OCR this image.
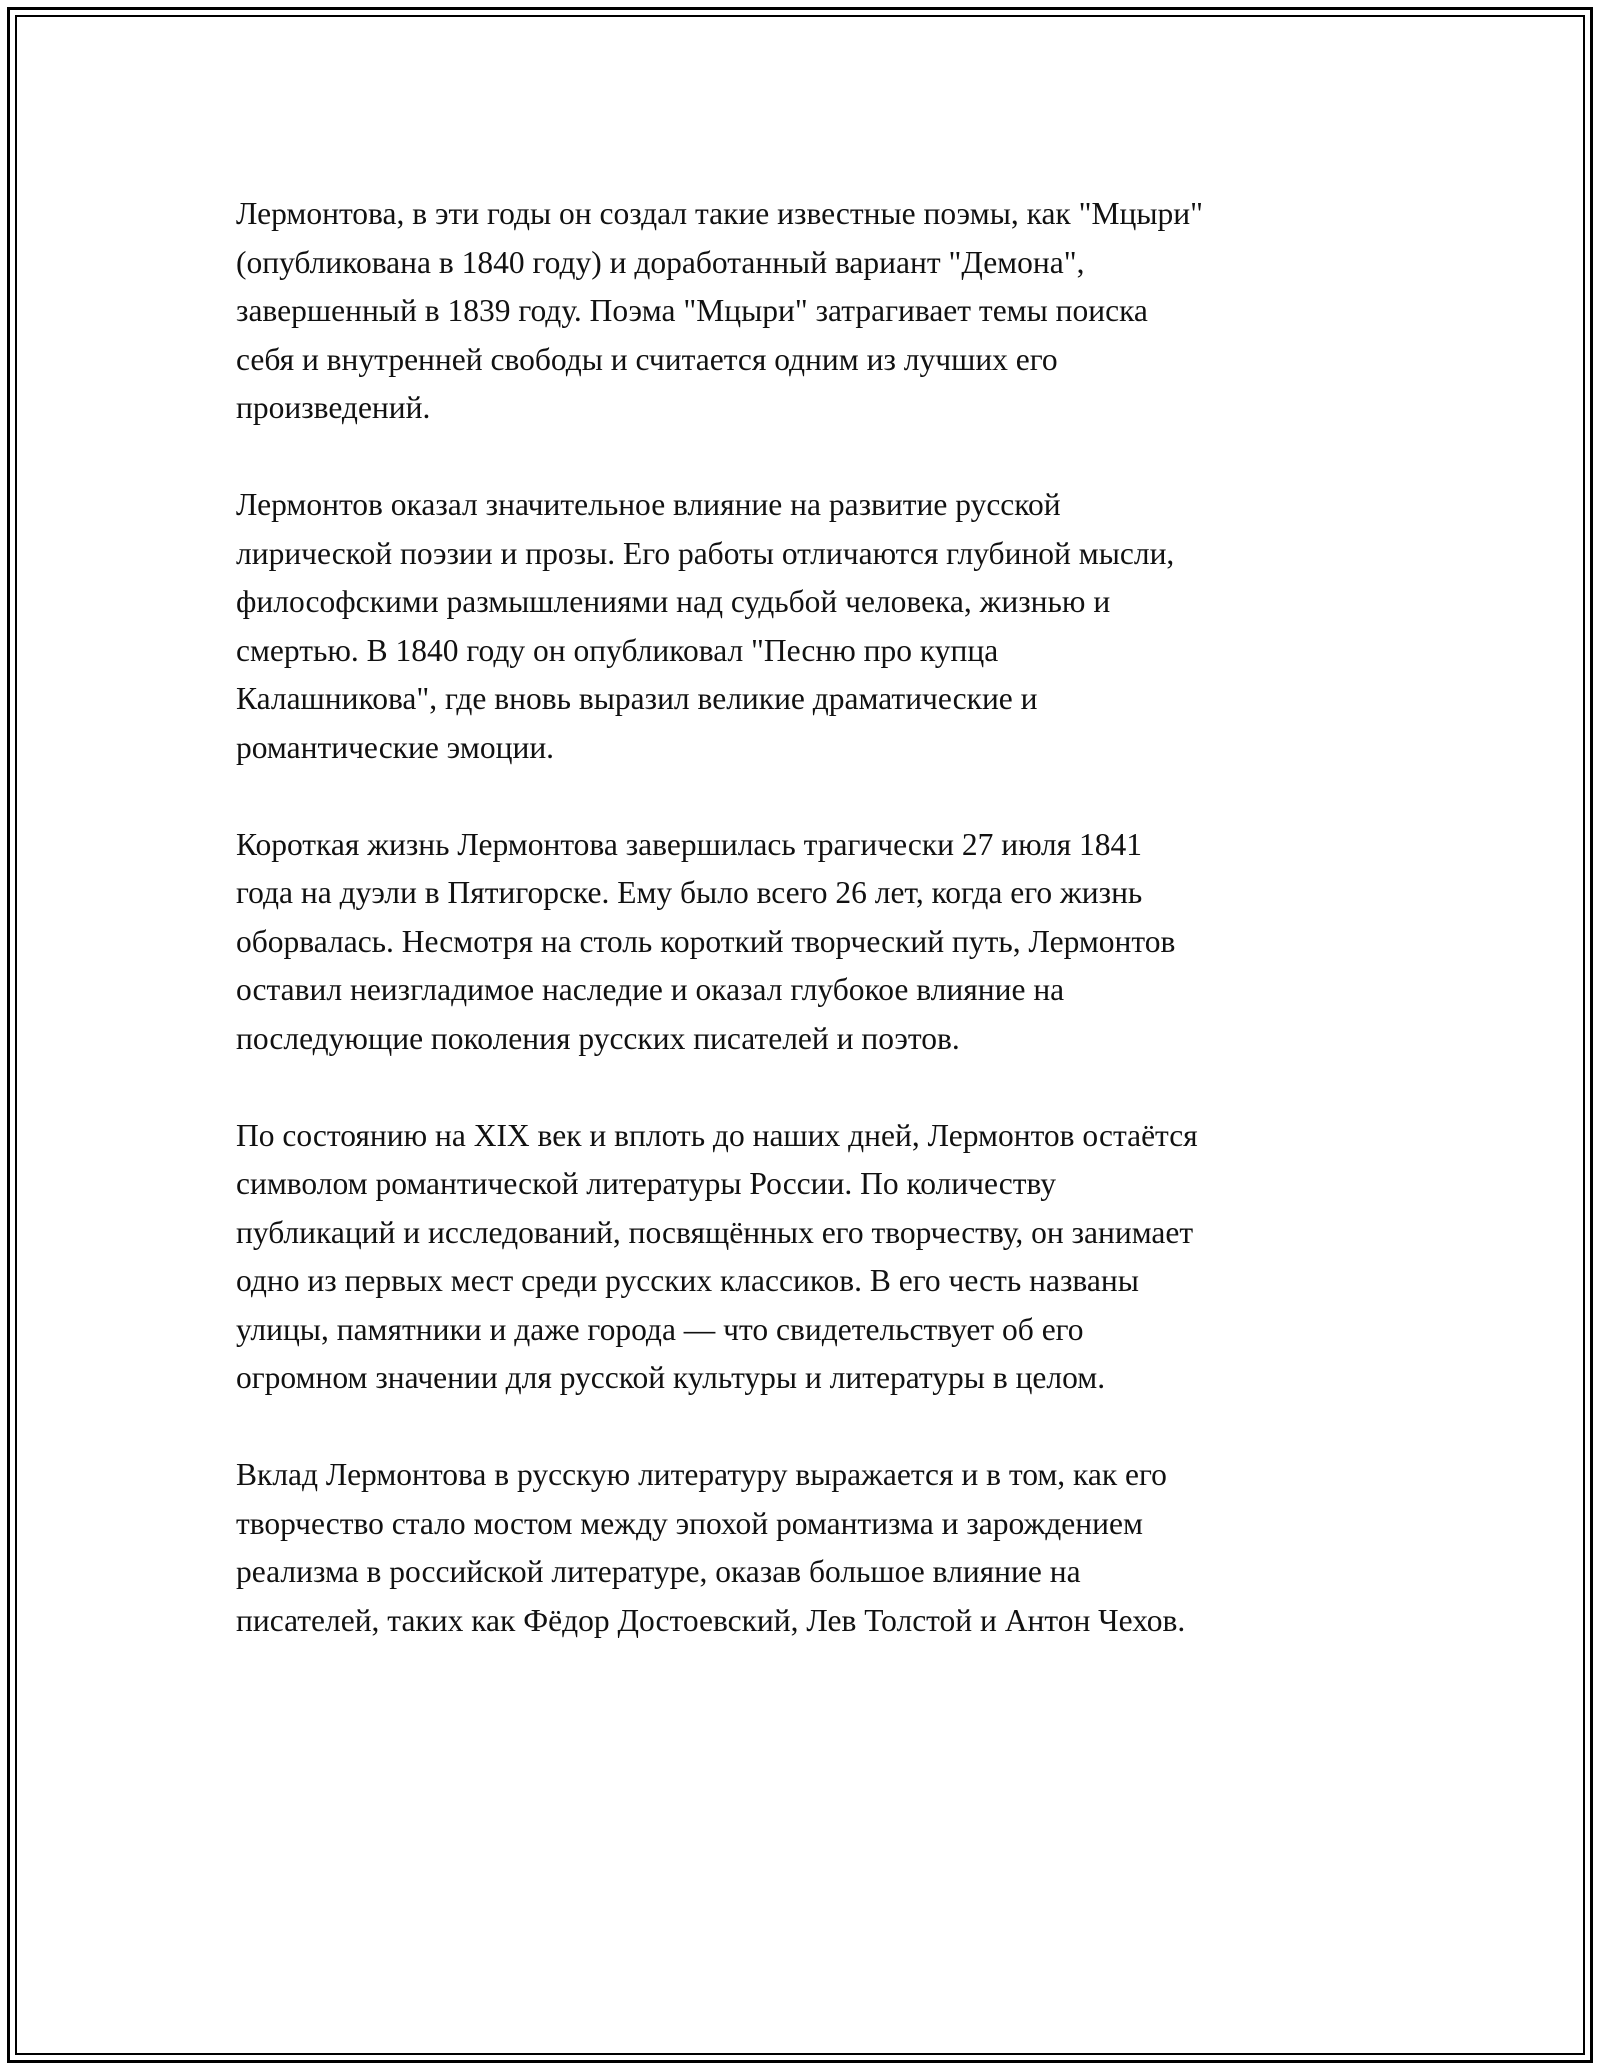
Лермонтова, в эти годы он создал такие известные поэмы, как "Мцыри"
(опубликована в 1840 году) и доработанный вариант "Демона",
завершенный в 1839 году. Поэма "Мцыри" затрагивает темы поиска
себя и внутренней свободы и считается одним из лучших его
произведений.

Лермонтов оказал значительное влияние на развитие русской
лирической поэзии и прозы. Его работы отличаются глубиной мысли,
философскими размышлениями над судьбой человека, жизнью и
смертью. В 1840 году он опубликовал "Песню про купца
Калашникова", где вновь выразил великие драматические и
романтические эмоции.

Короткая жизнь Лермонтова завершилась трагически 27 июля 1841
года на дуэли в Пятигорске. Ему было всего 26 лет, когда его жизнь
оборвалась. Несмотря на столь короткий творческий путь, Лермонтов
оставил неизгладимое наследие и оказал глубокое влияние на
последующие поколения русских писателей и поэтов.

По состоянию на XIX век и вплоть до наших дней, Лермонтов остаётся
символом романтической литературы России. По количеству
публикаций и исследований, посвящённых его творчеству, он занимает
одно из первых мест среди русских классиков. В его честь названы
улицы, памятники и даже города — что свидетельствует об его
огромном значении для русской культуры и литературы в целом.

Вклад Лермонтова в русскую литературу выражается и в том, как его
творчество стало мостом между эпохой романтизма и зарождением
реализма в российской литературе, оказав большое влияние на
писателей, таких как Фёдор Достоевский, Лев Толстой и Антон Чехов.
